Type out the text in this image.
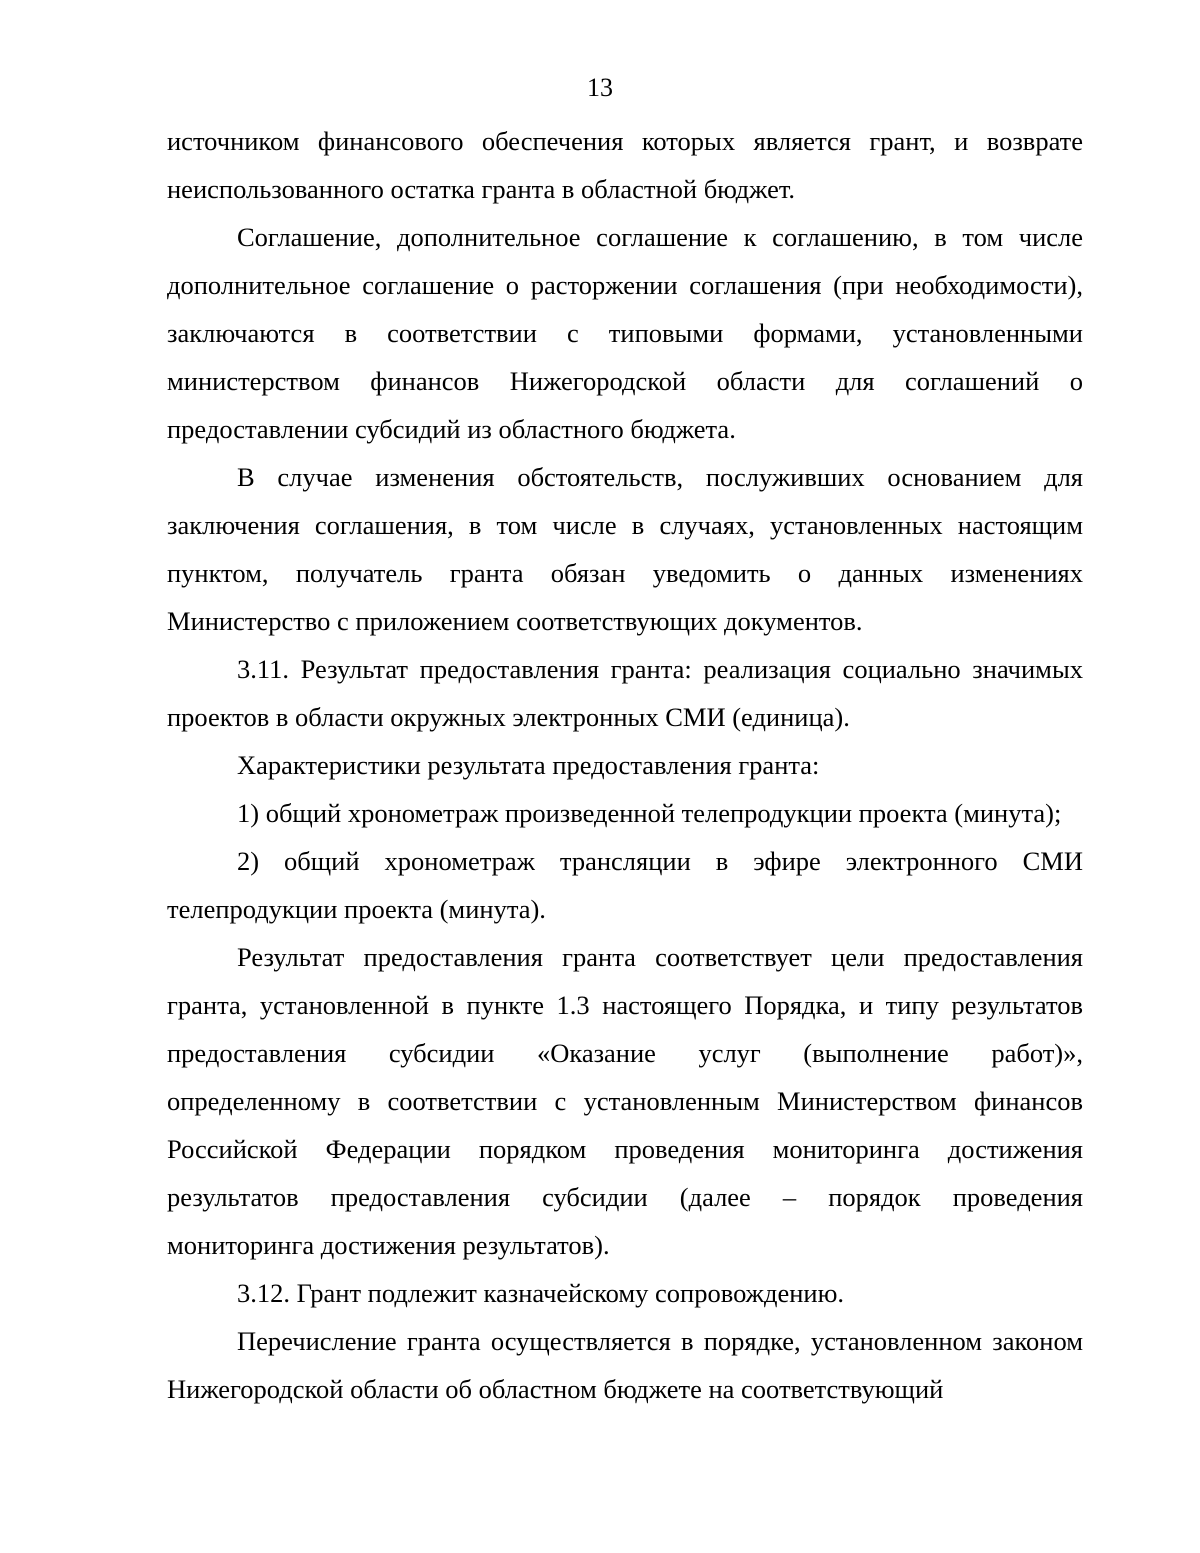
13

источником финансового обеспечения которых является грант, и возврате неиспользованного остатка гранта в областной бюджет.

Соглашение, дополнительное соглашение к соглашению, в том числе дополнительное соглашение о расторжении соглашения (при необходимости), заключаются в соответствии с типовыми формами, установленными министерством финансов Нижегородской области для соглашений о предоставлении субсидий из областного бюджета.

В случае изменения обстоятельств, послуживших основанием для заключения соглашения, в том числе в случаях, установленных настоящим пунктом, получатель гранта обязан уведомить о данных изменениях Министерство с приложением соответствующих документов.

3.11. Результат предоставления гранта: реализация социально значимых проектов в области окружных электронных СМИ (единица).

Характеристики результата предоставления гранта:

1) общий хронометраж произведенной телепродукции проекта (минута);

2) общий хронометраж трансляции в эфире электронного СМИ телепродукции проекта (минута).

Результат предоставления гранта соответствует цели предоставления гранта, установленной в пункте 1.3 настоящего Порядка, и типу результатов предоставления субсидии «Оказание услуг (выполнение работ)», определенному в соответствии с установленным Министерством финансов Российской Федерации порядком проведения мониторинга достижения результатов предоставления субсидии (далее – порядок проведения мониторинга достижения результатов).

3.12. Грант подлежит казначейскому сопровождению.

Перечисление гранта осуществляется в порядке, установленном законом Нижегородской области об областном бюджете на соответствующий
